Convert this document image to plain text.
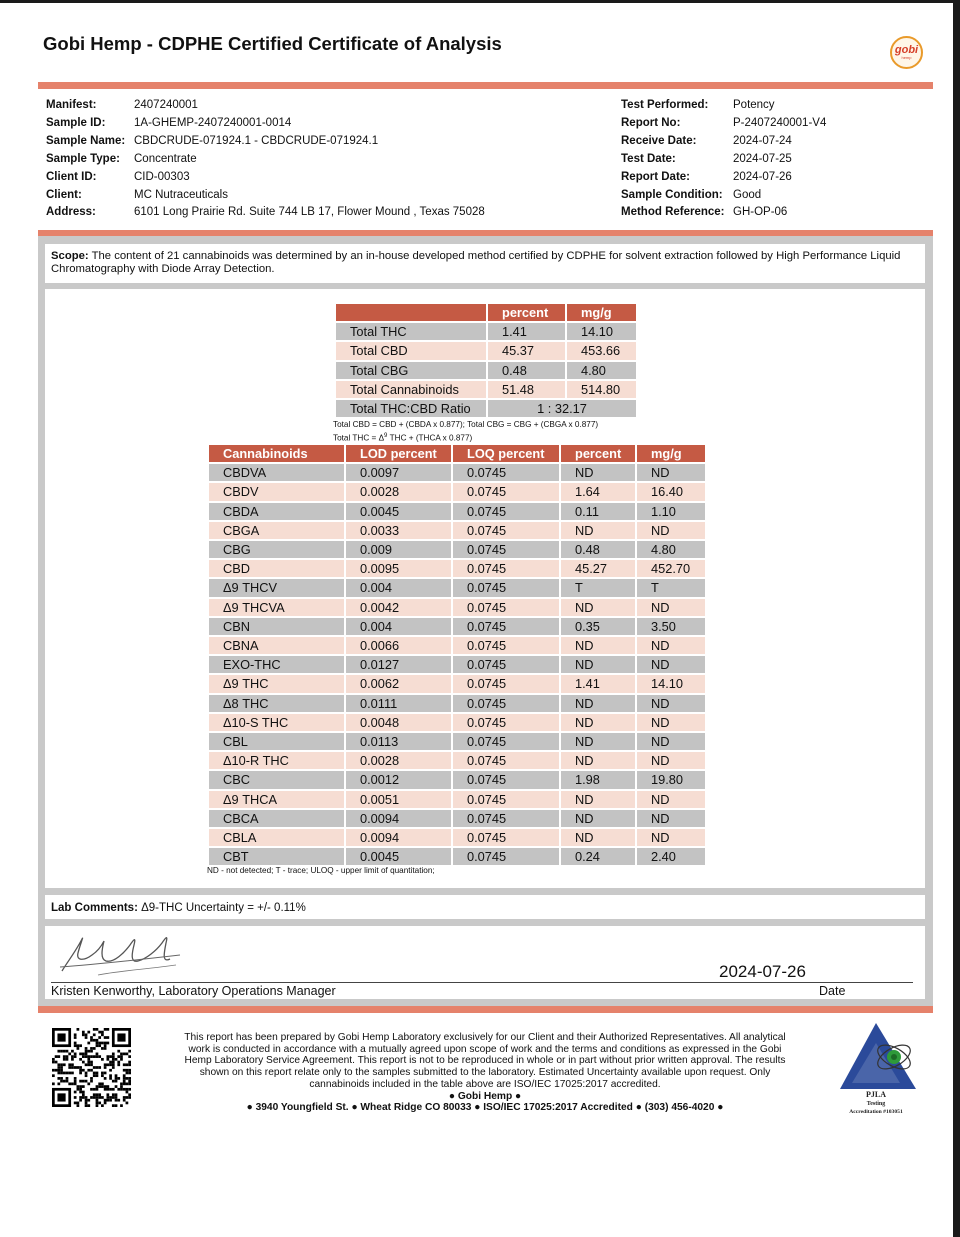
Gobi Hemp - CDPHE Certified Certificate of Analysis	gobi
hemp
Manifest:	2407240001
Sample ID:	1A-GHEMP-2407240001-0014
Sample Name: CBDCRUDE-071924.1 - CBDCRUDE-071924.1
Sample Type:	Concentrate
Client ID:	CID-00303
Client:	MC Nutraceuticals
Address:	6101 Long Prairie Rd. Suite 744 LB 17, Flower Mound , Texas 75028
Test Performed:	Potency
Report No:	P-2407240001-V4
Receive Date:	2024-07-24
Test Date:	2024-07-25
Report Date:	2024-07-26
Sample Condition: Good
Method Reference: GH-OP-06
Scope: The content of 21 cannabinoids was determined by an in-house developed method certified by CDPHE for solvent extraction followed by High Performance Liquid Chromatography with Diode Array Detection.
	percent	mg/g
Total THC	1.41	14.10
Total CBD	45.37	453.66
Total CBG	0.48	4.80
Total Cannabinoids	51.48	514.80
Total THC:CBD Ratio	1 : 32.17	
Total CBD = CBD + (CBDA x 0.877); Total CBG = CBG + (CBGA x 0.877)
Total THC = $\Delta^9$ THC + (THCA x 0.877)
Cannabinoids	LOD percent	LOQ percent	percent	mg/g
CBDVA	0.0097	0.0745	ND	ND
CBDV	0.0028	0.0745	1.64	16.40
CBDA	0.0045	0.0745	0.11	1.10
CBGA	0.0033	0.0745	ND	ND
CBG	0.009	0.0745	0.48	4.80
CBD	0.0095	0.0745	45.27	452.70
Δ9 THCV	0.004	0.0745	T	T
Δ9 THCVA	0.0042	0.0745	ND	ND
CBN	0.004	0.0745	0.35	3.50
CBNA	0.0066	0.0745	ND	ND
EXO-THC	0.0127	0.0745	ND	ND
Δ9 THC	0.0062	0.0745	1.41	14.10
Δ8 THC	0.0111	0.0745	ND	ND
Δ10-S THC	0.0048	0.0745	ND	ND
CBL	0.0113	0.0745	ND	ND
Δ10-R THC	0.0028	0.0745	ND	ND
CBC	0.0012	0.0745	1.98	19.80
Δ9 THCA	0.0051	0.0745	ND	ND
CBCA	0.0094	0.0745	ND	ND
CBLA	0.0094	0.0745	ND	ND
CBT	0.0045	0.0745	0.24	2.40
ND - not detected; T - trace; ULOQ - upper limit of quantitation;
Lab Comments: Δ9-THC Uncertainty = +/- 0.11%
2024-07-26
Kristen Kenworthy, Laboratory Operations Manager	Date
This report has been prepared by Gobi Hemp Laboratory exclusively for our Client and their Authorized Representatives. All analytical work is conducted in accordance with a mutually agreed upon scope of work and the terms and conditions as expressed in the Gobi Hemp Laboratory Service Agreement. This report is not to be reproduced in whole or in part without prior written approval. The results shown on this report relate only to the samples submitted to the laboratory. Estimated Uncertainty available upon request. Only cannabinoids included in the table above are ISO/IEC 17025:2017 accredited.
● Gobi Hemp ●
● 3940 Youngfield St. ● Wheat Ridge CO 80033 ● ISO/IEC 17025:2017 Accredited ● (303) 456-4020 ●
PJLA
Testing
Accreditation #103051
